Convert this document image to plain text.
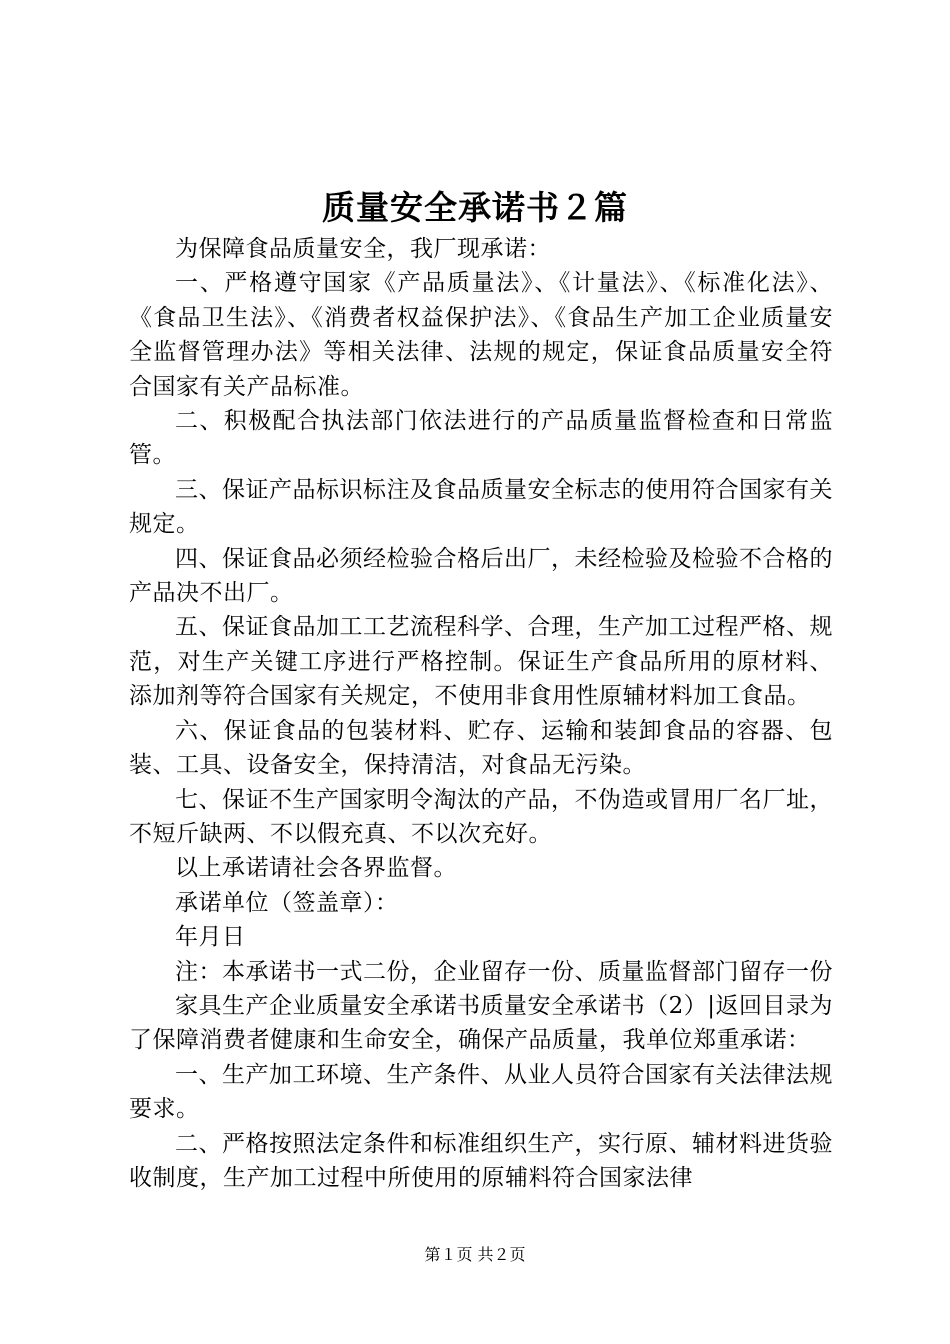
质量安全承诺书２篇

为保障食品质量安全，我厂现承诺：

一、严格遵守国家《产品质量法》、《计量法》、《标准化法》、《食品卫生法》、《消费者权益保护法》、《食品生产加工企业质量安全监督管理办法》等相关法律、法规的规定，保证食品质量安全符合国家有关产品标准。

二、积极配合执法部门依法进行的产品质量监督检查和日常监管。

三、保证产品标识标注及食品质量安全标志的使用符合国家有关规定。

四、保证食品必须经检验合格后出厂，未经检验及检验不合格的产品决不出厂。

五、保证食品加工工艺流程科学、合理，生产加工过程严格、规范，对生产关键工序进行严格控制。保证生产食品所用的原材料、添加剂等符合国家有关规定，不使用非食用性原辅材料加工食品。

六、保证食品的包装材料、贮存、运输和装卸食品的容器、包装、工具、设备安全，保持清洁，对食品无污染。

七、保证不生产国家明令淘汰的产品，不伪造或冒用厂名厂址，不短斤缺两、不以假充真、不以次充好。

以上承诺请社会各界监督。

承诺单位（签盖章）：

年月日

注：本承诺书一式二份，企业留存一份、质量监督部门留存一份

家具生产企业质量安全承诺书质量安全承诺书（2）|返回目录为了保障消费者健康和生命安全，确保产品质量，我单位郑重承诺：

一、生产加工环境、生产条件、从业人员符合国家有关法律法规要求。

二、严格按照法定条件和标准组织生产，实行原、辅材料进货验收制度，生产加工过程中所使用的原辅料符合国家法律

第１页 共２页
